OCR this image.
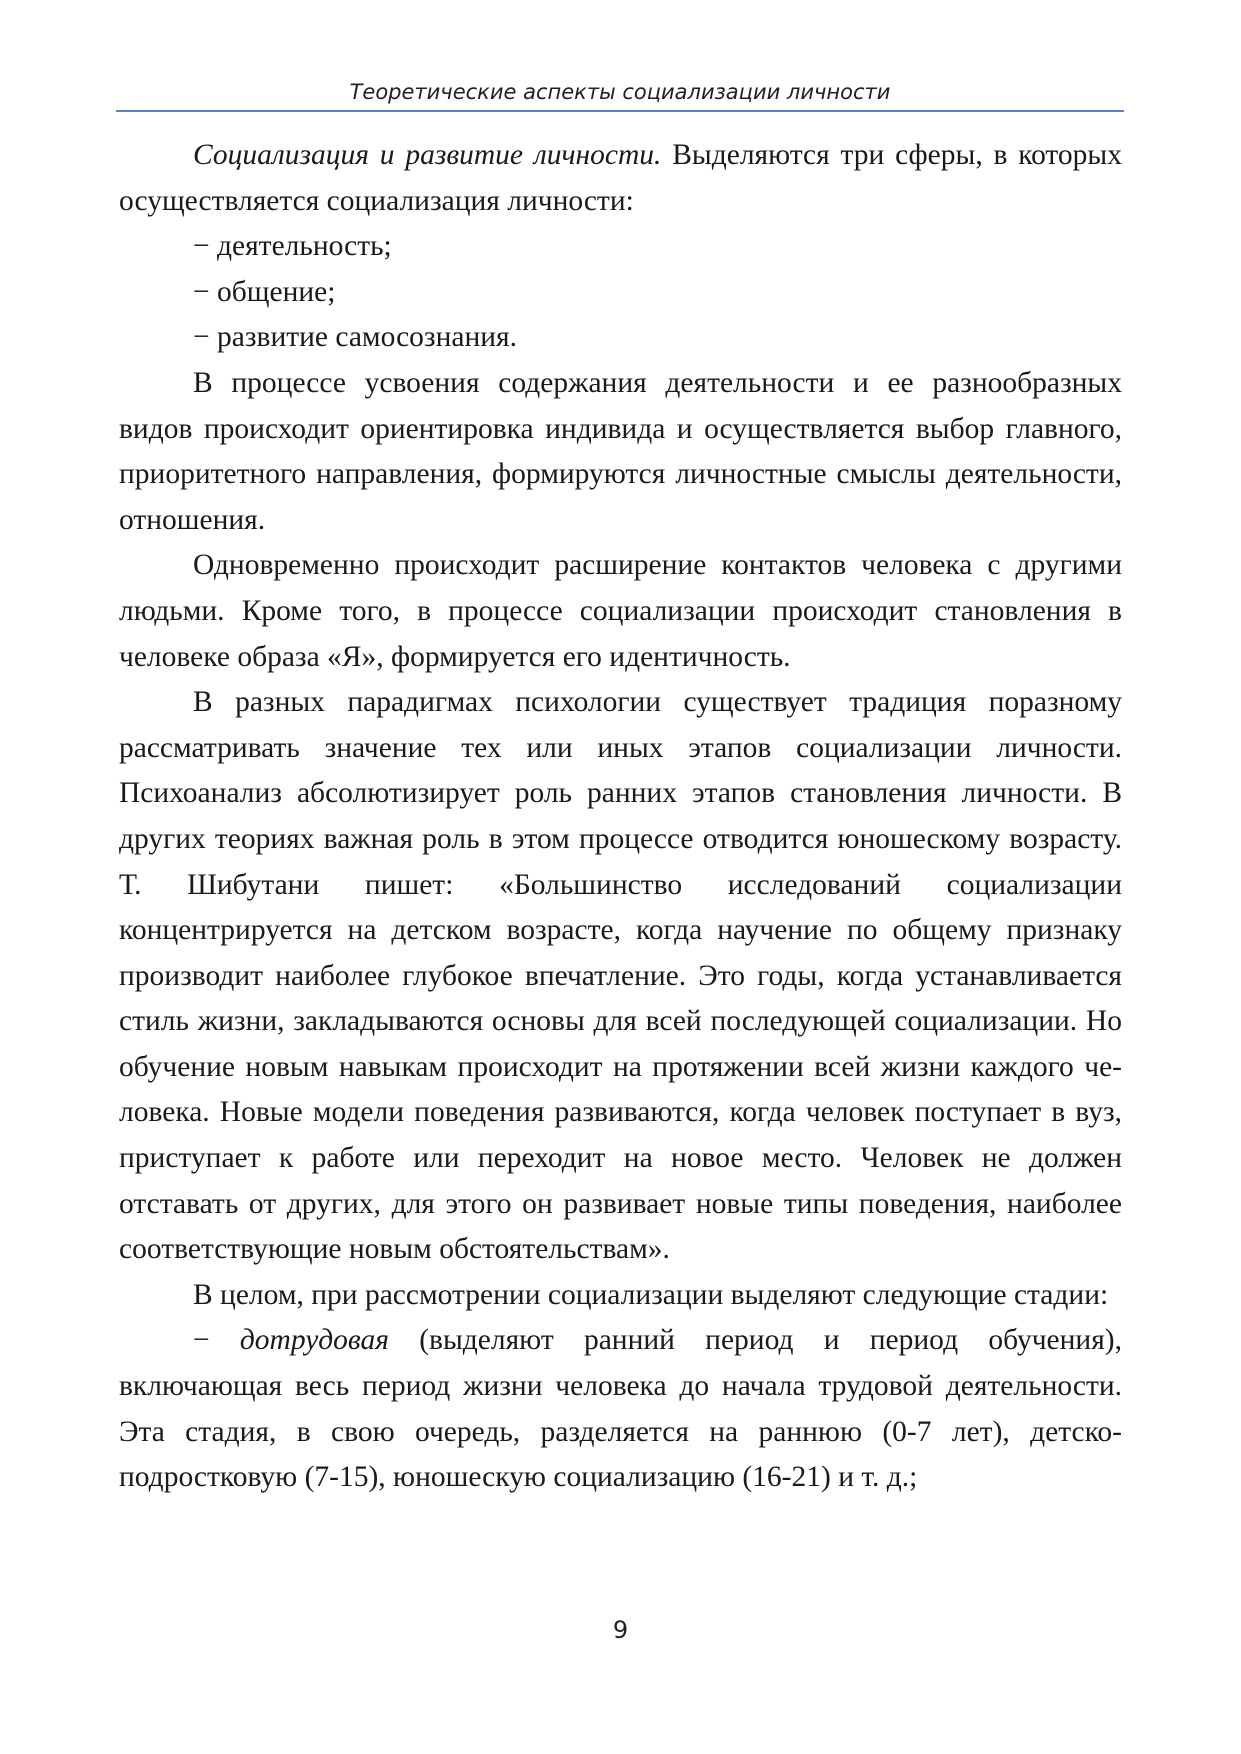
Теоретические аспекты социализации личности

Социализация и развитие личности. Выделяются три сферы, в которых осуществляется социализация личности:

− деятельность;

− общение;

− развитие самосознания.

В процессе усвоения содержания деятельности и ее разнообразных видов происходит ориентировка индивида и осуществляется выбор главного, приоритетного направления, формируются личностные смыслы деятельности, отношения.

Одновременно происходит расширение контактов человека с другими людьми. Кроме того, в процессе социализации происходит становления в человеке образа «Я», формируется его идентичность.

В разных парадигмах психологии существует традиция поразному рассматривать значение тех или иных этапов социализации личности. Психоанализ абсолютизирует роль ранних этапов становления личности. В других теориях важная роль в этом процессе отводится юношескому возрасту. Т. Шибутани пишет: «Большинство исследований социализации концентрируется на детском возрасте, когда научение по общему признаку производит наиболее глубокое впечатление. Это годы, когда устанавливается стиль жизни, закладываются основы для всей последующей социализации. Но обучение новым навыкам происходит на протяжении всей жизни каждого человека. Новые модели поведения развиваются, когда человек поступает в вуз, приступает к работе или переходит на новое место. Человек не должен отставать от других, для этого он развивает новые типы поведения, наиболее соответствующие новым обстоятельствам».

В целом, при рассмотрении социализации выделяют следующие стадии:

− дотрудовая (выделяют ранний период и период обучения), включающая весь период жизни человека до начала трудовой деятельности. Эта стадия, в свою очередь, разделяется на раннюю (0-7 лет), детско-подростковую (7-15), юношескую социализацию (16-21) и т. д.;

9
